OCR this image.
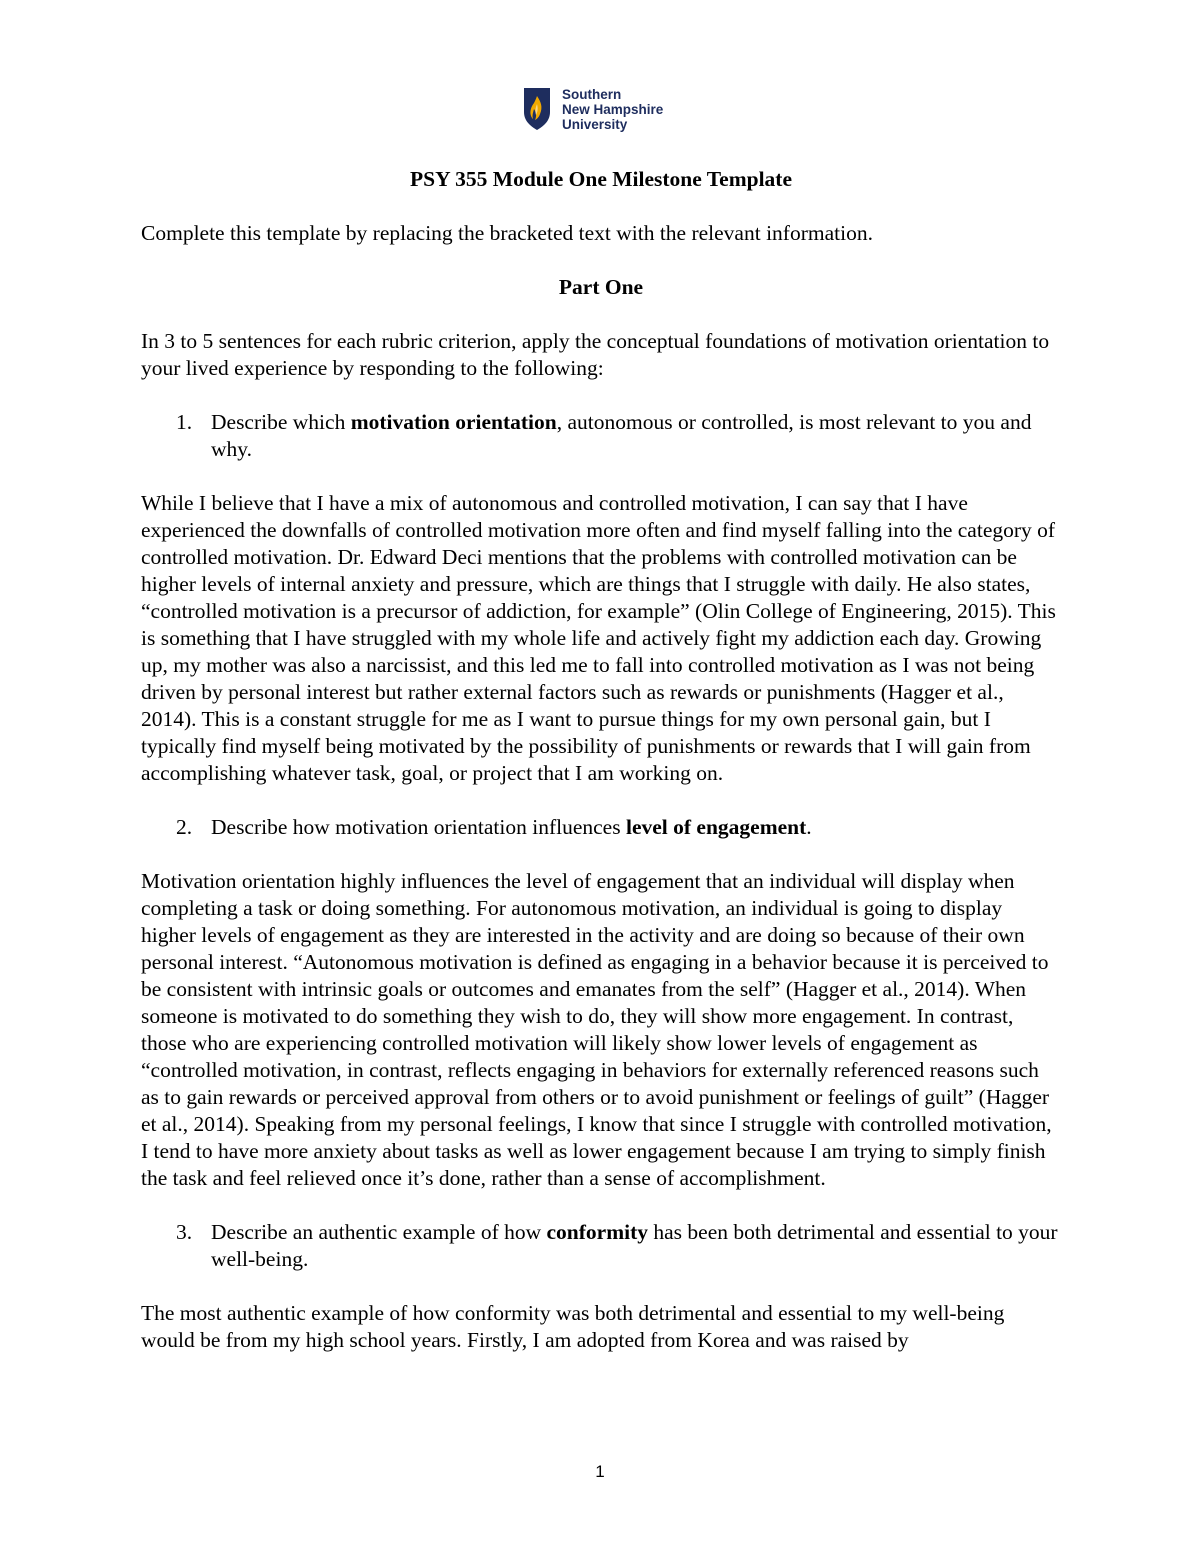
Southern
New Hampshire
University
PSY 355 Module One Milestone Template

Complete this template by replacing the bracketed text with the relevant information.

Part One

In 3 to 5 sentences for each rubric criterion, apply the conceptual foundations of motivation orientation to your lived experience by responding to the following:

1. Describe which motivation orientation, autonomous or controlled, is most relevant to you and why.

While I believe that I have a mix of autonomous and controlled motivation, I can say that I have experienced the downfalls of controlled motivation more often and find myself falling into the category of controlled motivation. Dr. Edward Deci mentions that the problems with controlled motivation can be higher levels of internal anxiety and pressure, which are things that I struggle with daily. He also states, “controlled motivation is a precursor of addiction, for example” (Olin College of Engineering, 2015). This is something that I have struggled with my whole life and actively fight my addiction each day. Growing up, my mother was also a narcissist, and this led me to fall into controlled motivation as I was not being driven by personal interest but rather external factors such as rewards or punishments (Hagger et al., 2014). This is a constant struggle for me as I want to pursue things for my own personal gain, but I typically find myself being motivated by the possibility of punishments or rewards that I will gain from accomplishing whatever task, goal, or project that I am working on.

2. Describe how motivation orientation influences level of engagement.

Motivation orientation highly influences the level of engagement that an individual will display when completing a task or doing something. For autonomous motivation, an individual is going to display higher levels of engagement as they are interested in the activity and are doing so because of their own personal interest. “Autonomous motivation is defined as engaging in a behavior because it is perceived to be consistent with intrinsic goals or outcomes and emanates from the self” (Hagger et al., 2014). When someone is motivated to do something they wish to do, they will show more engagement. In contrast, those who are experiencing controlled motivation will likely show lower levels of engagement as “controlled motivation, in contrast, reflects engaging in behaviors for externally referenced reasons such as to gain rewards or perceived approval from others or to avoid punishment or feelings of guilt” (Hagger et al., 2014). Speaking from my personal feelings, I know that since I struggle with controlled motivation, I tend to have more anxiety about tasks as well as lower engagement because I am trying to simply finish the task and feel relieved once it’s done, rather than a sense of accomplishment.

3. Describe an authentic example of how conformity has been both detrimental and essential to your well-being.

The most authentic example of how conformity was both detrimental and essential to my well-being would be from my high school years. Firstly, I am adopted from Korea and was raised by

1
